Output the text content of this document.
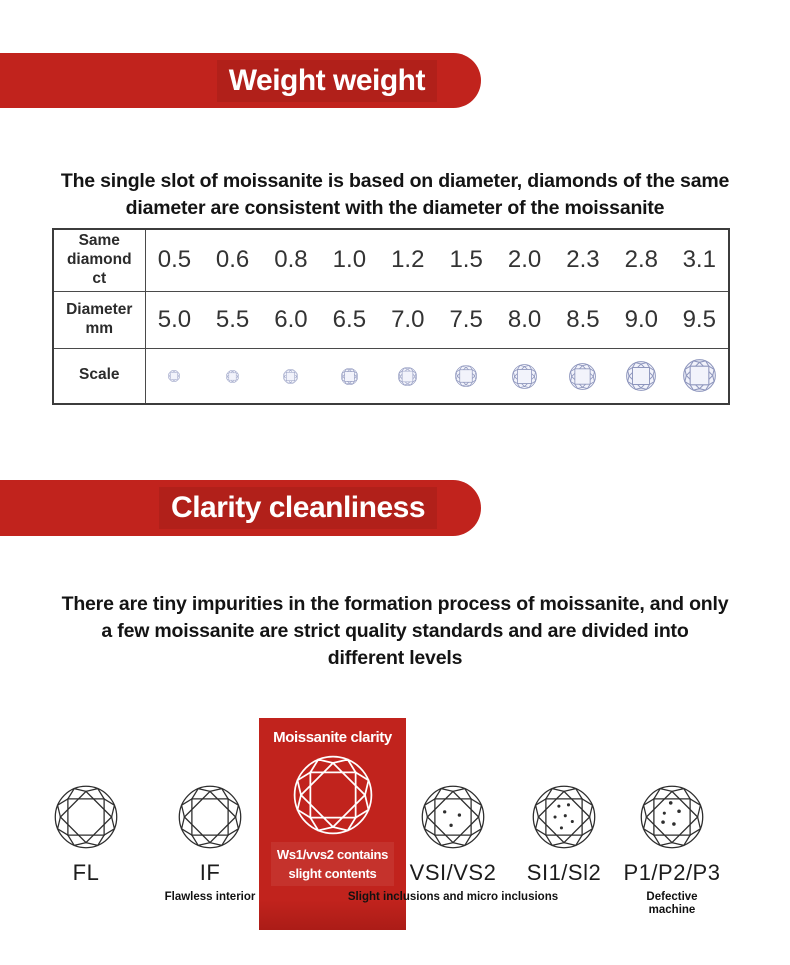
Weight weight
The single slot of moissanite is based on diameter, diamonds of the same
diameter are consistent with the diameter of the moissanite
Same diamond ct	0.5	0.6	0.8	1.0	1.2	1.5	2.0	2.3	2.8	3.1
Diameter mm	5.0	5.5	6.0	6.5	7.0	7.5	8.0	8.5	9.0	9.5
Scale										
Clarity cleanliness
There are tiny impurities in the formation process of moissanite, and only
a few moissanite are strict quality standards and are divided into
different levels
FL	IF
Flawless interior
Moissanite clarity
Ws1/vvs2 contains
slight contents	VSI/VS2
Slight inclusions and micro inclusions
SI1/Sl2 P1/P2/P3
Defective
machine
